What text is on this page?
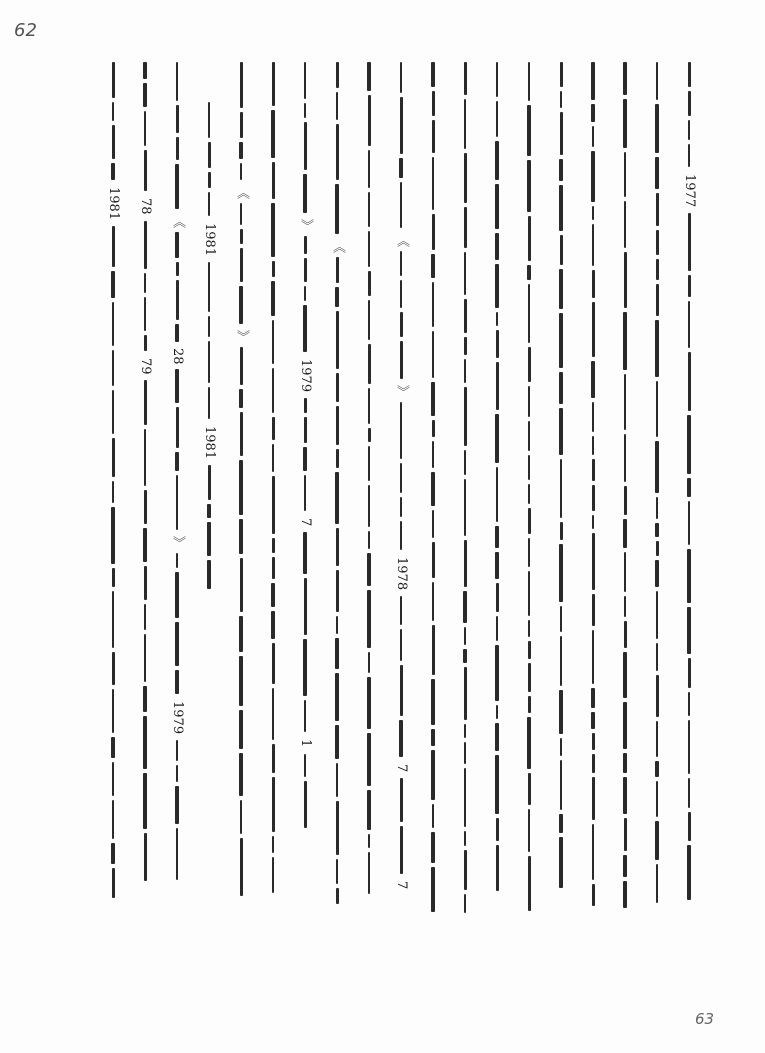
62
1981 78
79
《
28
》
1979
1981
1981
《
》
》
1979
7
1
《	《
》
1978
7
7
1977
63
